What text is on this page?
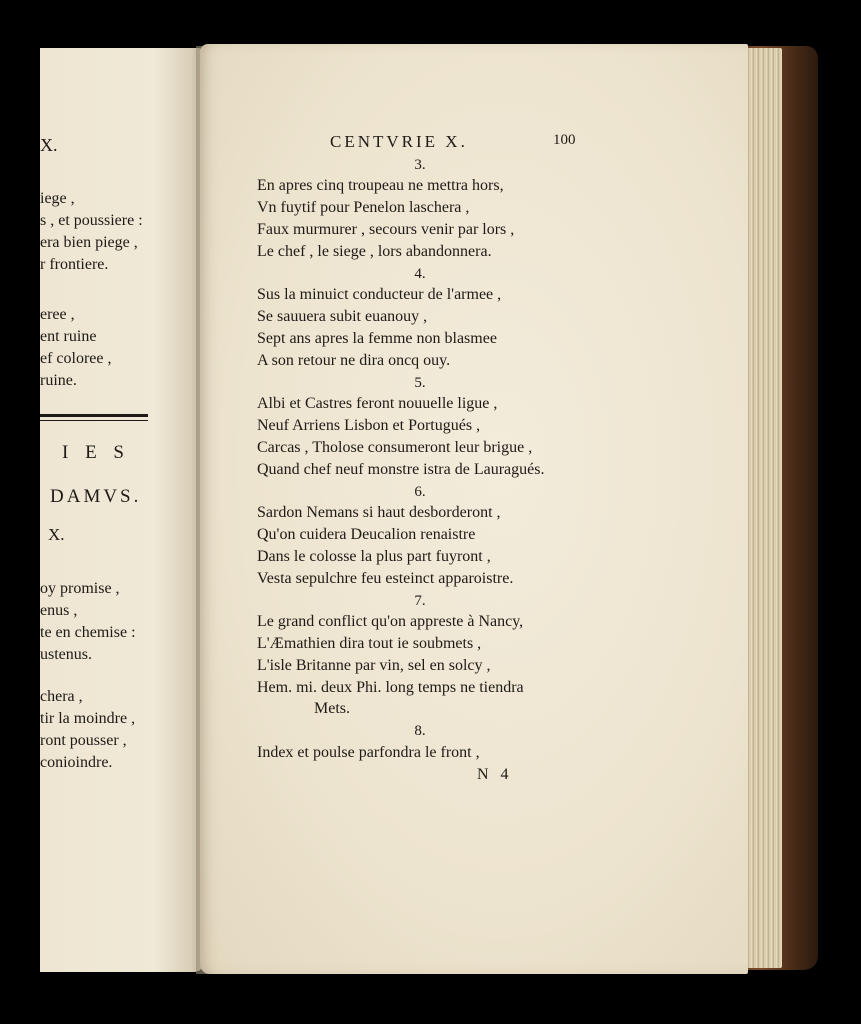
X.
iege ,
s , et poussiere :
era bien piege ,
r frontiere.
eree ,
ent ruine
ef coloree ,
ruine.
I E S
DAMVS.
X.
oy promise ,
enus ,
te en chemise :
ustenus.
chera ,
tir la moindre ,
ront pousser ,
conioindre.
CENTVRIE X.	100
3.
En apres cinq troupeau ne mettra hors,
Vn fuytif pour Penelon laschera ,
Faux murmurer , secours venir par lors ,
Le chef , le siege , lors abandonnera.
4.
Sus la minuict conducteur de l'armee ,
Se sauuera subit euanouy ,
Sept ans apres la femme non blasmee
A son retour ne dira oncq ouy.
5.
Albi et Castres feront nouuelle ligue ,
Neuf Arriens Lisbon et Portugués ,
Carcas , Tholose consumeront leur brigue ,
Quand chef neuf monstre istra de Lauragués.
6.
Sardon Nemans si haut desborderont ,
Qu'on cuidera Deucalion renaistre
Dans le colosse la plus part fuyront ,
Vesta sepulchre feu esteinct apparoistre.
7.
Le grand conflict qu'on appreste à Nancy,
L'Æmathien dira tout ie soubmets ,
L'isle Britanne par vin, sel en solcy ,
Hem. mi. deux Phi. long temps ne tiendra
Mets.
8.
Index et poulse parfondra le front ,
N 4
